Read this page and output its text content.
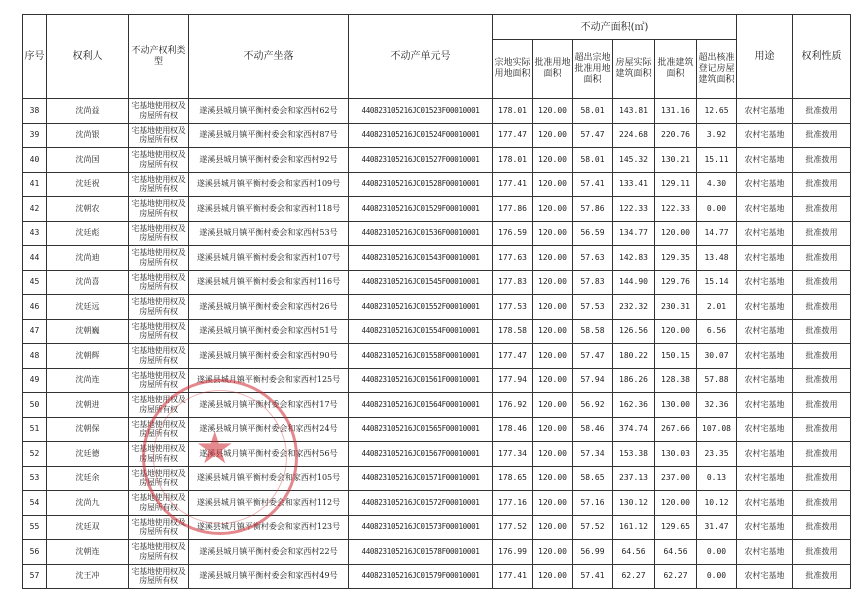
序号	权利人	不动产权利类型	不动产坐落	不动产单元号	不动产面积(㎡)						用途	权利性质
					宗地实际用地面积	批准用地面积	超出宗地批准用地面积	房屋实际建筑面积	批准建筑面积	超出核准登记房屋建筑面积		
38	沈尚益	宅基地使用权及房屋所有权	遂溪县城月镇平衡村委会和家西村62号	440823105216JC01523F00010001	178.01	120.00	58.01	143.81	131.16	12.65	农村宅基地	批准拨用
39	沈尚银	宅基地使用权及房屋所有权	遂溪县城月镇平衡村委会和家西村87号	440823105216JC01524F00010001	177.47	120.00	57.47	224.68	220.76	3.92	农村宅基地	批准拨用
40	沈尚国	宅基地使用权及房屋所有权	遂溪县城月镇平衡村委会和家西村92号	440823105216JC01527F00010001	178.01	120.00	58.01	145.32	130.21	15.11	农村宅基地	批准拨用
41	沈廷祝	宅基地使用权及房屋所有权	遂溪县城月镇平衡村委会和家西村109号	440823105216JC01528F00010001	177.41	120.00	57.41	133.41	129.11	4.30	农村宅基地	批准拨用
42	沈朝农	宅基地使用权及房屋所有权	遂溪县城月镇平衡村委会和家西村118号	440823105216JC01529F00010001	177.86	120.00	57.86	122.33	122.33	0.00	农村宅基地	批准拨用
43	沈廷彪	宅基地使用权及房屋所有权	遂溪县城月镇平衡村委会和家西村53号	440823105216JC01536F00010001	176.59	120.00	56.59	134.77	120.00	14.77	农村宅基地	批准拨用
44	沈尚迪	宅基地使用权及房屋所有权	遂溪县城月镇平衡村委会和家西村107号	440823105216JC01543F00010001	177.63	120.00	57.63	142.83	129.35	13.48	农村宅基地	批准拨用
45	沈尚喜	宅基地使用权及房屋所有权	遂溪县城月镇平衡村委会和家西村116号	440823105216JC01545F00010001	177.83	120.00	57.83	144.90	129.76	15.14	农村宅基地	批准拨用
46	沈廷远	宅基地使用权及房屋所有权	遂溪县城月镇平衡村委会和家西村26号	440823105216JC01552F00010001	177.53	120.00	57.53	232.32	230.31	2.01	农村宅基地	批准拨用
47	沈朝巍	宅基地使用权及房屋所有权	遂溪县城月镇平衡村委会和家西村51号	440823105216JC01554F00010001	178.58	120.00	58.58	126.56	120.00	6.56	农村宅基地	批准拨用
48	沈朝辉	宅基地使用权及房屋所有权	遂溪县城月镇平衡村委会和家西村90号	440823105216JC01558F00010001	177.47	120.00	57.47	180.22	150.15	30.07	农村宅基地	批准拨用
49	沈尚连	宅基地使用权及房屋所有权	遂溪县城月镇平衡村委会和家西村125号	440823105216JC01561F00010001	177.94	120.00	57.94	186.26	128.38	57.88	农村宅基地	批准拨用
50	沈朝进	宅基地使用权及房屋所有权	遂溪县城月镇平衡村委会和家西村17号	440823105216JC01564F00010001	176.92	120.00	56.92	162.36	130.00	32.36	农村宅基地	批准拨用
51	沈朝保	宅基地使用权及房屋所有权	遂溪县城月镇平衡村委会和家西村24号	440823105216JC01565F00010001	178.46	120.00	58.46	374.74	267.66	107.08	农村宅基地	批准拨用
52	沈廷德	宅基地使用权及房屋所有权	遂溪县城月镇平衡村委会和家西村56号	440823105216JC01567F00010001	177.34	120.00	57.34	153.38	130.03	23.35	农村宅基地	批准拨用
53	沈廷余	宅基地使用权及房屋所有权	遂溪县城月镇平衡村委会和家西村105号	440823105216JC01571F00010001	178.65	120.00	58.65	237.13	237.00	0.13	农村宅基地	批准拨用
54	沈尚九	宅基地使用权及房屋所有权	遂溪县城月镇平衡村委会和家西村112号	440823105216JC01572F00010001	177.16	120.00	57.16	130.12	120.00	10.12	农村宅基地	批准拨用
55	沈廷双	宅基地使用权及房屋所有权	遂溪县城月镇平衡村委会和家西村123号	440823105216JC01573F00010001	177.52	120.00	57.52	161.12	129.65	31.47	农村宅基地	批准拨用
56	沈朝连	宅基地使用权及房屋所有权	遂溪县城月镇平衡村委会和家西村22号	440823105216JC01578F00010001	176.99	120.00	56.99	64.56	64.56	0.00	农村宅基地	批准拨用
57	沈王冲	宅基地使用权及房屋所有权	遂溪县城月镇平衡村委会和家西村49号	440823105216JC01579F00010001	177.41	120.00	57.41	62.27	62.27	0.00	农村宅基地	批准拨用
★
